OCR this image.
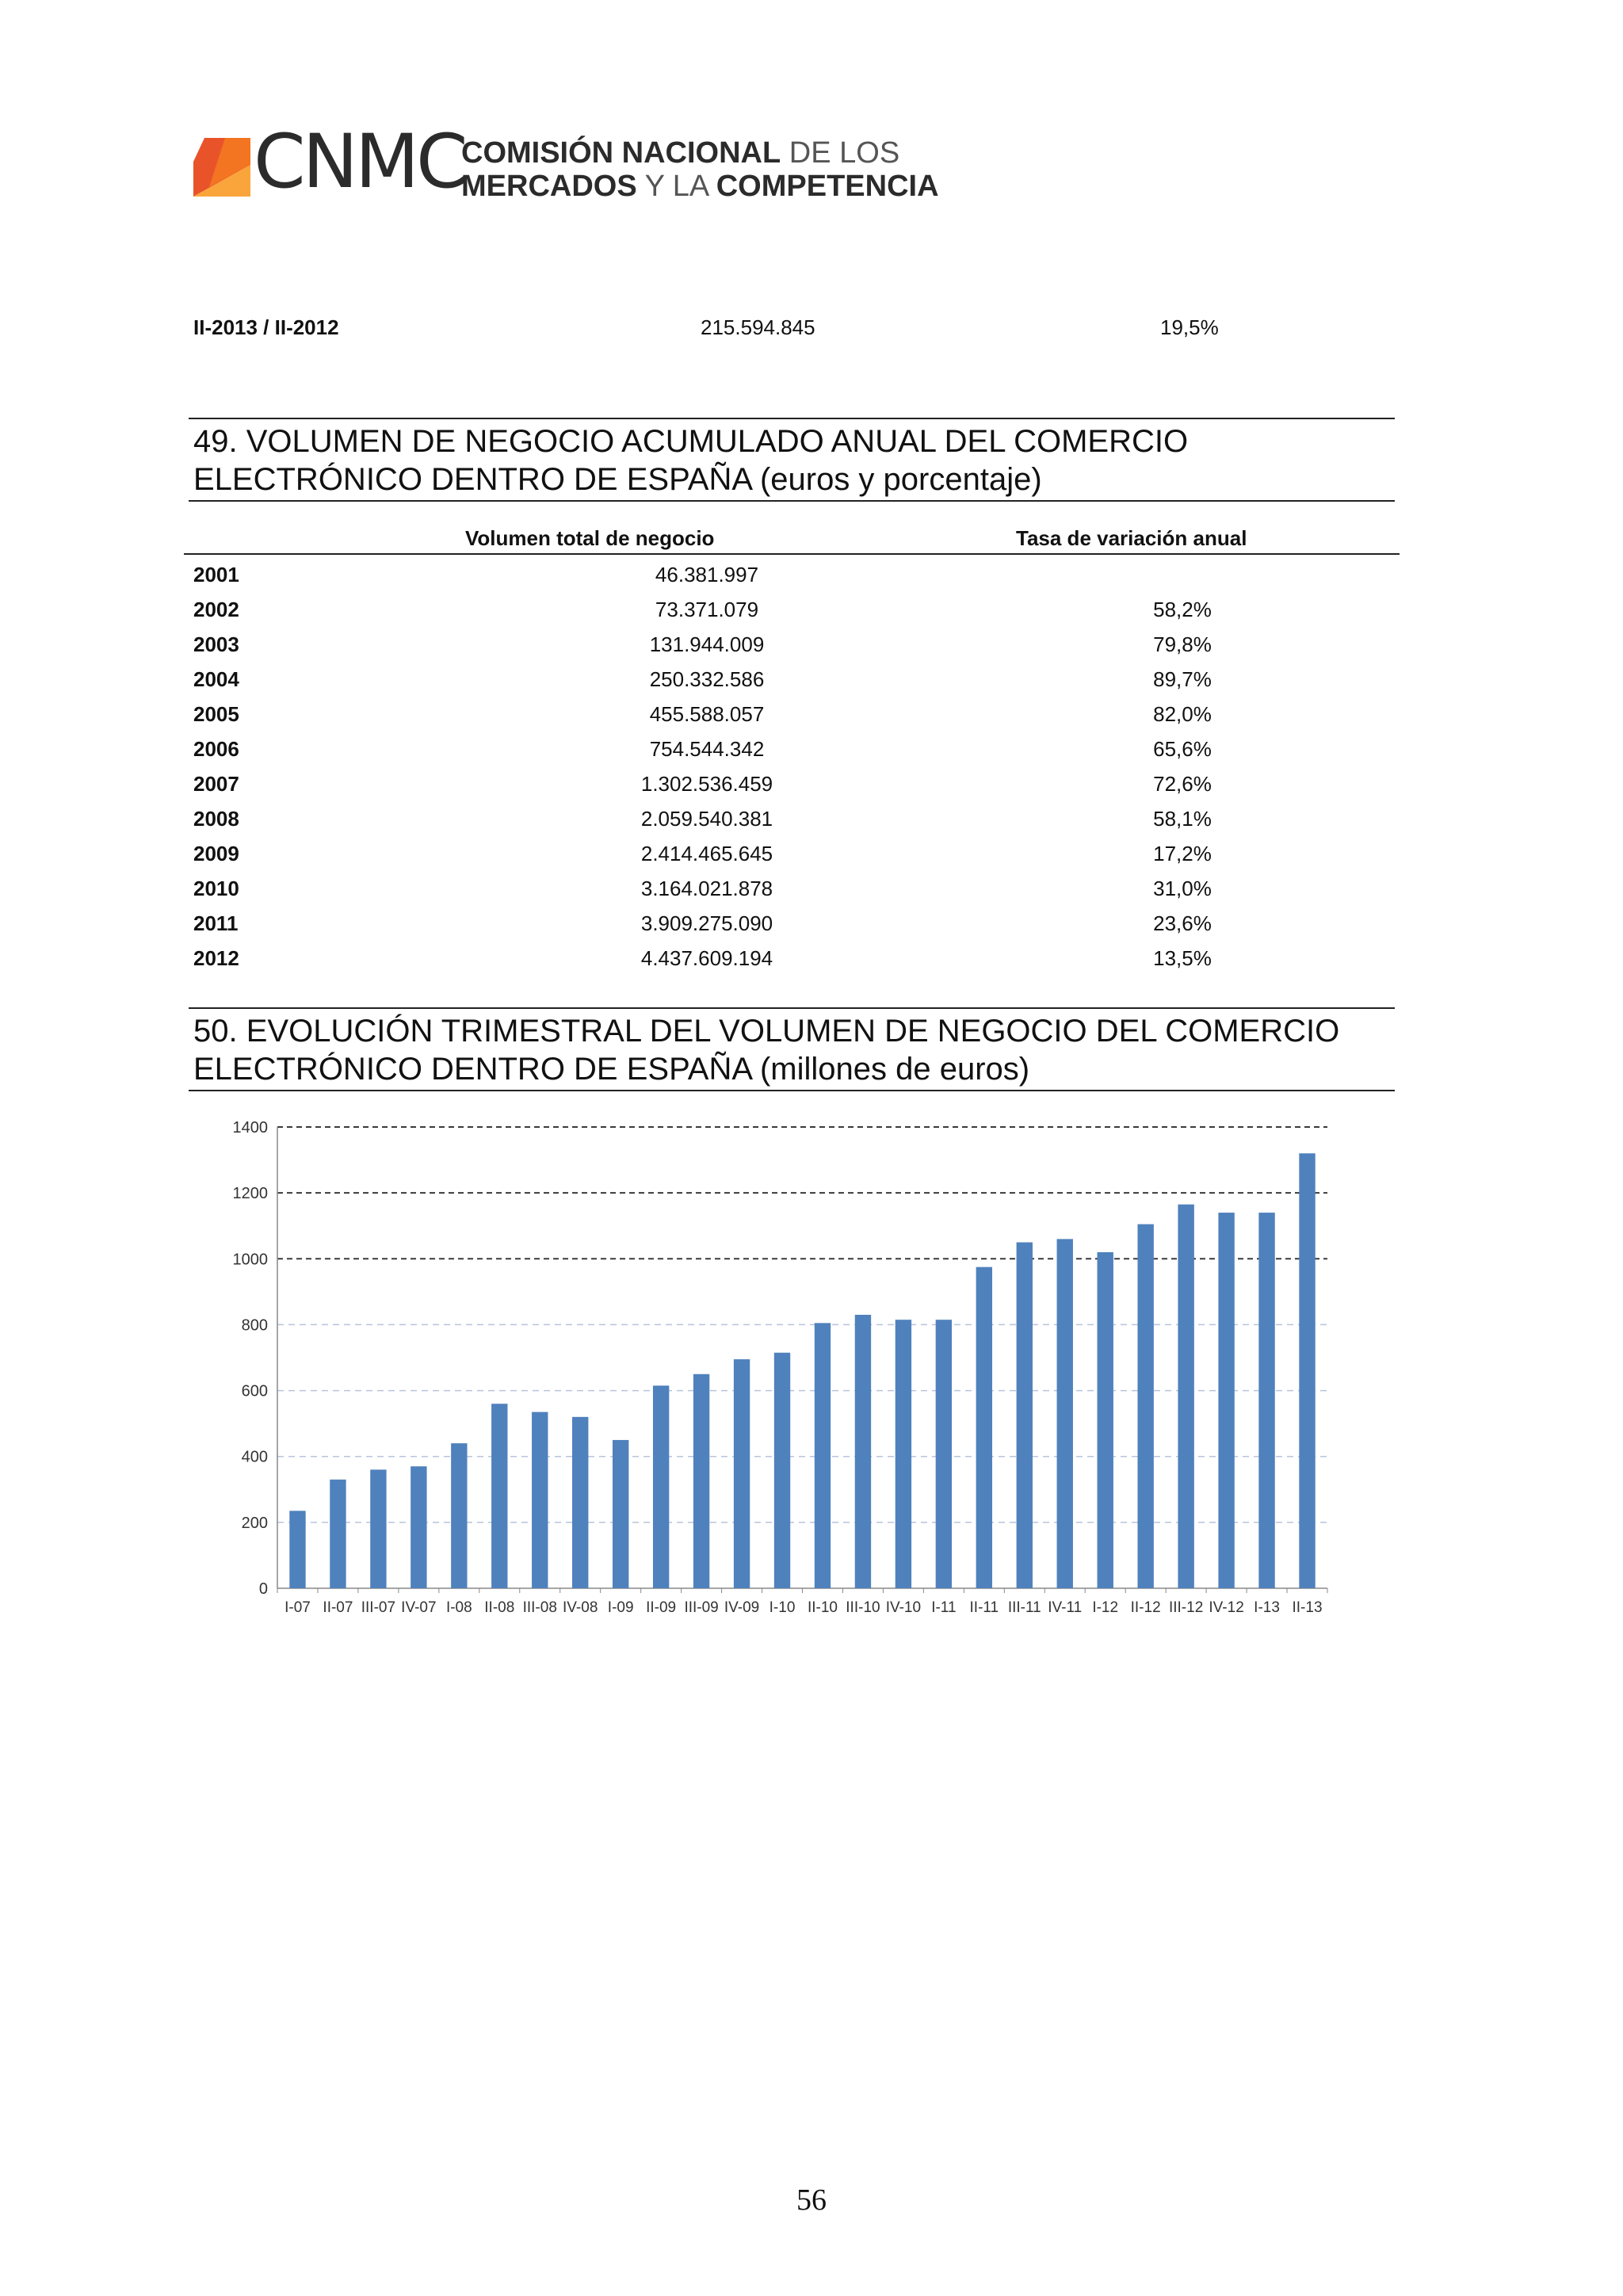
CNMC
COMISIÓN NACIONAL DE LOS
MERCADOS Y LA COMPETENCIA
II-2013 / II-2012	215.594.845	19,5%
49. VOLUMEN DE NEGOCIO ACUMULADO ANUAL DEL COMERCIO
ELECTRÓNICO DENTRO DE ESPAÑA (euros y porcentaje)
Volumen total de negocio	Tasa de variación anual
2001	46.381.997
2002	73.371.079	58,2%
2003	131.944.009	79,8%
2004	250.332.586	89,7%
2005	455.588.057	82,0%
2006	754.544.342	65,6%
2007	1.302.536.459	72,6%
2008	2.059.540.381	58,1%
2009	2.414.465.645	17,2%
2010	3.164.021.878	31,0%
2011	3.909.275.090	23,6%
2012	4.437.609.194	13,5%
50. EVOLUCIÓN TRIMESTRAL DEL VOLUMEN DE NEGOCIO DEL COMERCIO
ELECTRÓNICO DENTRO DE ESPAÑA (millones de euros)
0
200
400
600
800
1000
1200
1400
I-07 II-07 III-07 IV-07 I-08 II-08 III-08 IV-08 I-09 II-09 III-09 IV-09 I-10 II-10 III-10 IV-10 I-11 II-11 III-11 IV-11 I-12 II-12 III-12 IV-12 I-13 II-13
56
